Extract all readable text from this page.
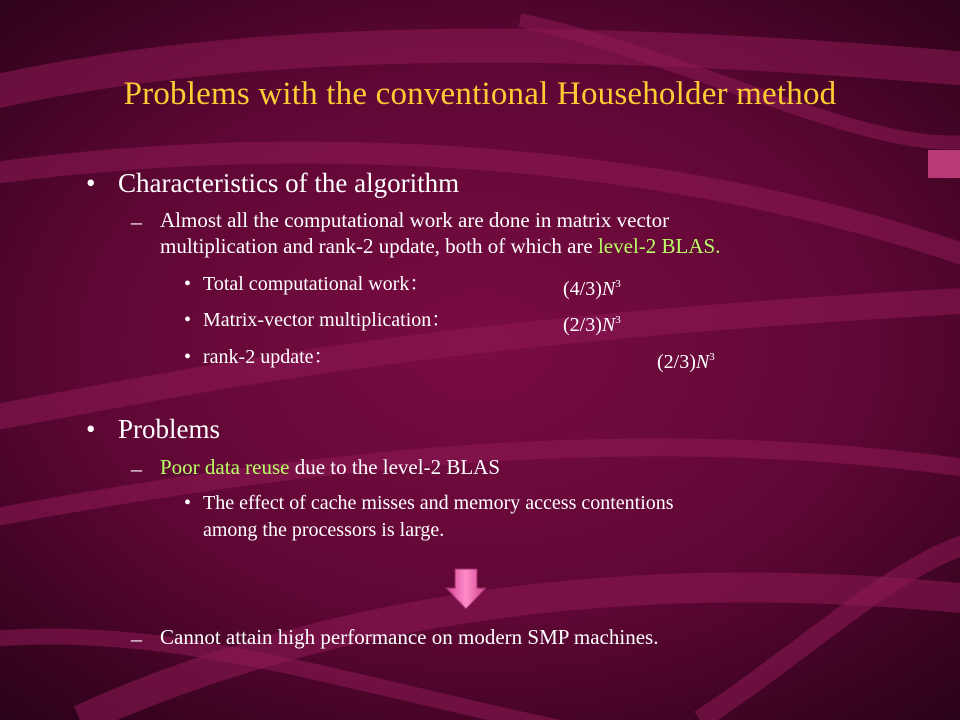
Problems with the conventional Householder method
• Characteristics of the algorithm
– Almost all the computational work are done in matrix vector
multiplication and rank-2 update, both of which are level-2 BLAS.
• Total computational work：	$(4/3)N^3$
• Matrix-vector multiplication：	$(2/3)N^3$
• rank-2 update：	$(2/3)N^3$
• Problems
– Poor data reuse due to the level-2 BLAS
• The effect of cache misses and memory access contentions
among the processors is large.
– Cannot attain high performance on modern SMP machines.
